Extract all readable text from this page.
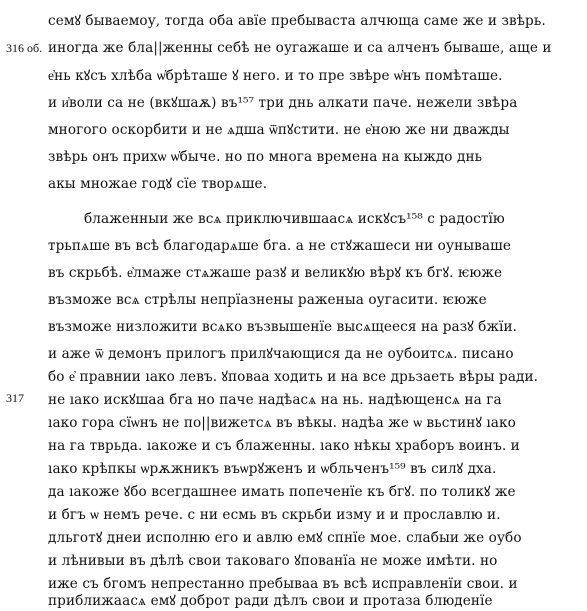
316 об.
317
семꙋ бываемоу, тогда оба авїе пребываста алчюща саме же и звѣрь.
иногда же бла||женны себѣ не оугажаше и са алченъ бываше, аще и
е҆нь кꙋсъ хлѣба ѡ҆брѣташе ꙋ него. и то пре звѣре ѡ҆нъ помѣташе.
и и҆воли са не (вкꙋшаѫ) въ¹⁵⁷ три днь алкати паче. нежели звѣра
многого оскорбити и не ѧдша ѿпꙋстити. не е҆ною же ни дважды
звѣрь онъ прихѡ ѡ҆быче. но по многа времена на кыждо днь
акы множае годꙋ сїе творѧше.
блаженныи же всѧ приключившаасѧ искꙋсъ¹⁵⁸ с радостїю
трьпѧше въ всѣ благодарѧше бга. а не стꙋжашеси ни оунываше
въ скрьбѣ. е҆лмаже стѧжаше разꙋ и великꙋю вѣрꙋ къ бгꙋ. ѥюже
възможе всѧ стрѣлы непрїазнены раженыа оугасити. ѥюже
възможе низложити всѧко възвышенїе высѧщееся на разꙋ бжїи.
и аже ѿ демонъ прилогъ прилꙋчающися да не оубоитсѧ. писано
бо е҆ правнии ıако левъ. ꙋповаа ходить и на все дрьзаеть вѣры ради.
не ıако искꙋшаа бга но паче надѣасѧ на нь. надѣющенсѧ на га
ıако гора сїѡнъ не по||вижетсѧ въ вѣкы. надѣа же ѡ вьстинꙋ ıако
на га тврьда. ıакоже и съ блаженны. ıако нѣкы храборъ воинъ. и
ıако крѣпкы ѡрѫжникъ въѡрꙋженъ и ѡбльченъ¹⁵⁹ въ силꙋ дха.
да ıакоже ꙋбо всегдашнее имать попеченїе къ бгꙋ. по толикꙋ же
и бгъ ѡ немъ рече. с ни есмь въ скрьби изму и и прославлю и.
дльготꙋ днеи исполню его и авлю емꙋ спнїе мое. слабыи же оубо
и лѣнивыи въ дѣлѣ свои таковаго ꙋпованїа не може имѣти. но
иже съ бгомъ непрестанно пребываа въ всѣ исправленїи свои. и
приближаасѧ емꙋ доброт ради дѣлъ свои и протаза блюденїе
